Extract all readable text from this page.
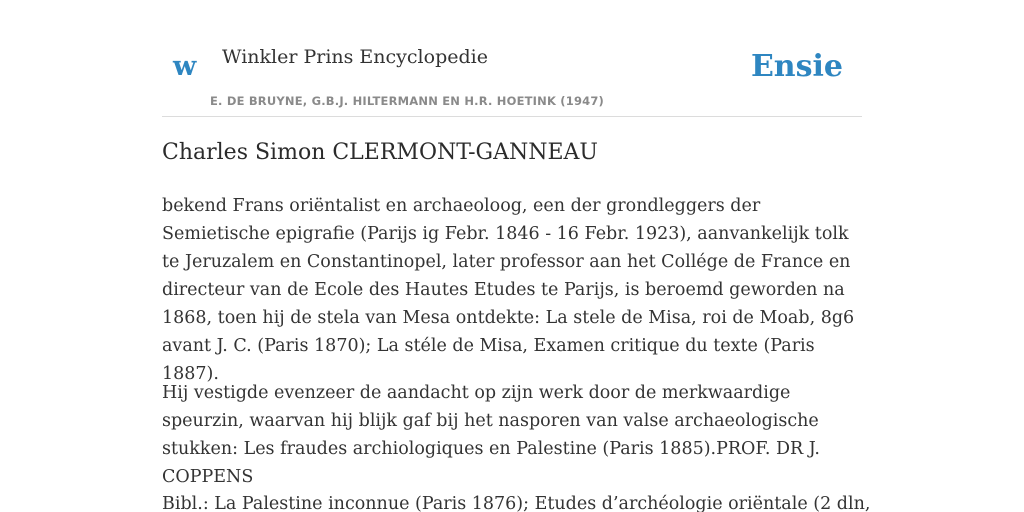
w Winkler Prins Encyclopedie
E. DE BRUYNE, G.B.J. HILTERMANN EN H.R. HOETINK (1947)
Ensie
Charles Simon CLERMONT-GANNEAU

bekend Frans oriëntalist en archaeoloog, een der grondleggers der Semietische epigrafie (Parijs ig Febr. 1846 - 16 Febr. 1923), aanvankelijk tolk te Jeruzalem en Constantinopel, later professor aan het Collége de France en directeur van de Ecole des Hautes Etudes te Parijs, is beroemd geworden na 1868, toen hij de stela van Mesa ontdekte: La stele de Misa, roi de Moab, 8g6 avant J. C. (Paris 1870); La stéle de Misa, Examen critique du texte (Paris 1887).

Hij vestigde evenzeer de aandacht op zijn werk door de merkwaardige speurzin, waarvan hij blijk gaf bij het nasporen van valse archaeologische stukken: Les fraudes archiologiques en Palestine (Paris 1885).PROF. DR J. COPPENS

Bibl.: La Palestine inconnue (Paris 1876); Etudes d’archéologie oriëntale (2 dln,
